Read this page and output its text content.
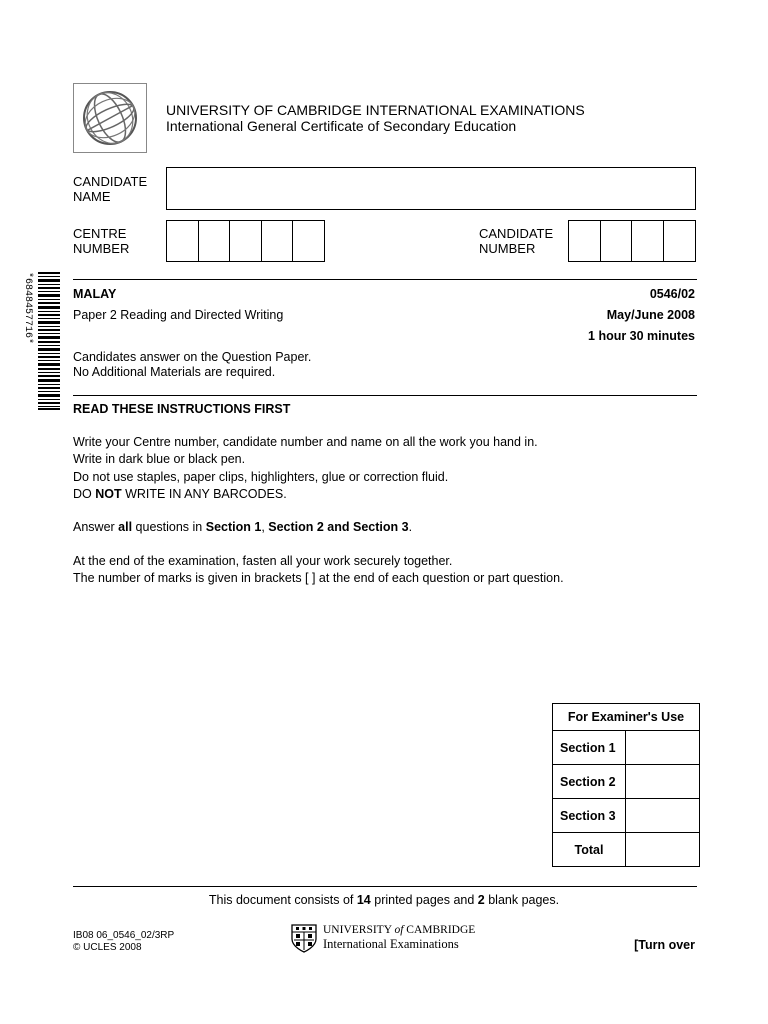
UNIVERSITY OF CAMBRIDGE INTERNATIONAL EXAMINATIONS
International General Certificate of Secondary Education
CANDIDATE
NAME
CENTRE
NUMBER
CANDIDATE
NUMBER
*6848457716*	MALAY	0546/02
Paper 2 Reading and Directed Writing	May/June 2008
1 hour 30 minutes
Candidates answer on the Question Paper.
No Additional Materials are required.
READ THESE INSTRUCTIONS FIRST
Write your Centre number, candidate number and name on all the work you hand in.
Write in dark blue or black pen.
Do not use staples, paper clips, highlighters, glue or correction fluid.
DO NOT WRITE IN ANY BARCODES.
Answer all questions in Section 1, Section 2 and Section 3.
At the end of the examination, fasten all your work securely together.
The number of marks is given in brackets [ ] at the end of each question or part question.
For Examiner's Use	
Section 1	
Section 2	
Section 3	
Total	
This document consists of 14 printed pages and 2 blank pages.
IB08 06_0546_02/3RP
© UCLES 2008
UNIVERSITY of CAMBRIDGE
International Examinations	[Turn over
